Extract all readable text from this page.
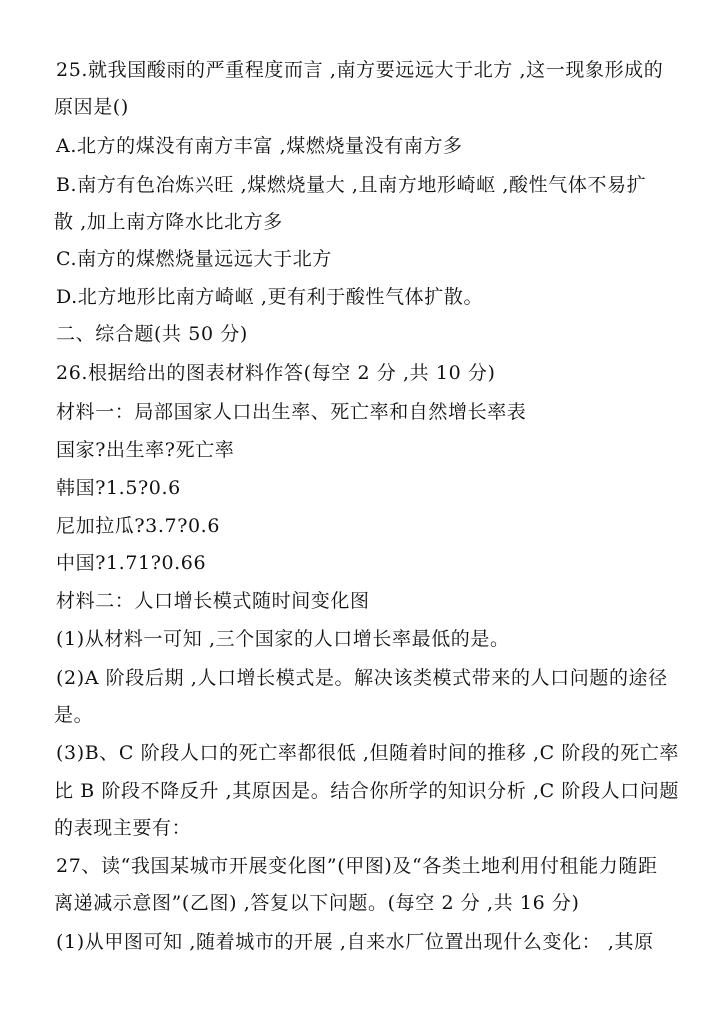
25.就我国酸雨的严重程度而言 ,南方要远远大于北方 ,这一现象形成的
原因是()
A.北方的煤没有南方丰富 ,煤燃烧量没有南方多
B.南方有色冶炼兴旺 ,煤燃烧量大 ,且南方地形崎岖 ,酸性气体不易扩
散 ,加上南方降水比北方多
C.南方的煤燃烧量远远大于北方
D.北方地形比南方崎岖 ,更有利于酸性气体扩散。
二、综合题(共 50 分)
26.根据给出的图表材料作答(每空 2 分 ,共 10 分)
材料一：局部国家人口出生率、死亡率和自然增长率表
国家?出生率?死亡率
韩国?1.5?0.6
尼加拉瓜?3.7?0.6
中国?1.71?0.66
材料二：人口增长模式随时间变化图
(1)从材料一可知 ,三个国家的人口增长率最低的是。
(2)A 阶段后期 ,人口增长模式是。解决该类模式带来的人口问题的途径
是。
(3)B、C 阶段人口的死亡率都很低 ,但随着时间的推移 ,C 阶段的死亡率
比 B 阶段不降反升 ,其原因是。结合你所学的知识分析 ,C 阶段人口问题
的表现主要有：
27、读“我国某城市开展变化图”(甲图)及“各类土地利用付租能力随距
离递减示意图”(乙图) ,答复以下问题。(每空 2 分 ,共 16 分)
(1)从甲图可知 ,随着城市的开展 ,自来水厂位置出现什么变化： ,其原
